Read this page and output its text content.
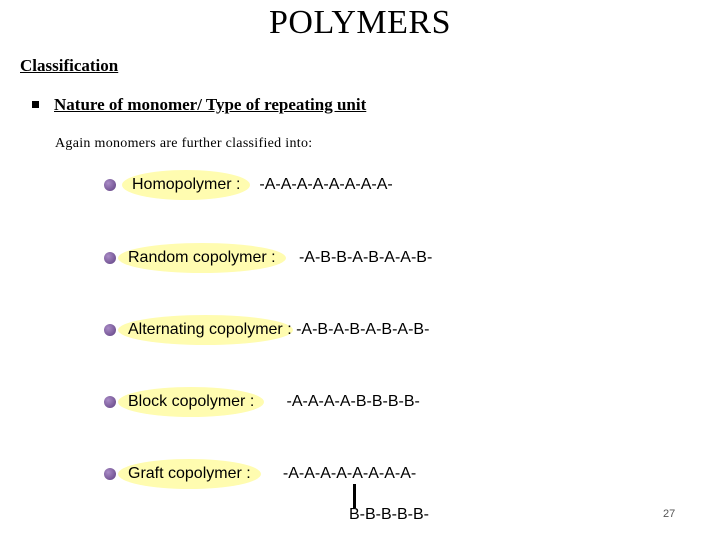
POLYMERS
Classification
Nature of monomer/ Type of repeating unit
Again monomers are further classified into:
Homopolymer : -A-A-A-A-A-A-A-A-
Random copolymer : -A-B-B-A-B-A-A-B-
Alternating copolymer : -A-B-A-B-A-B-A-B-
Block copolymer : -A-A-A-A-B-B-B-B-
Graft copolymer : -A-A-A-A-A-A-A-A-
B-B-B-B-B-	27
